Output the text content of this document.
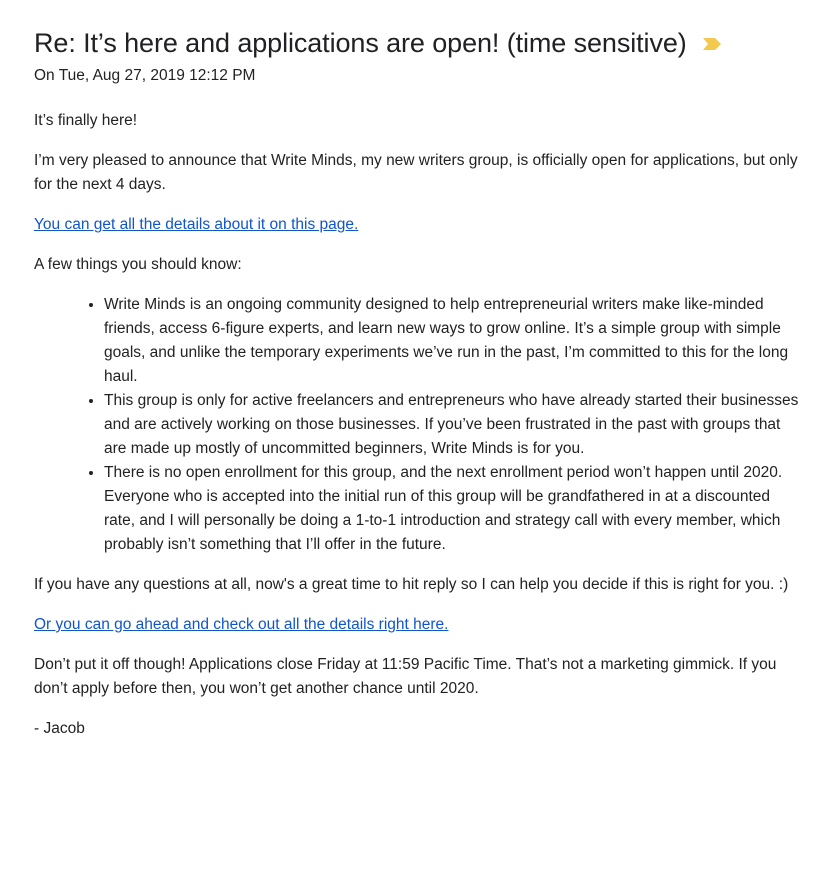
Re: It’s here and applications are open! (time sensitive)
On Tue, Aug 27, 2019 12:12 PM

It’s finally here!

I’m very pleased to announce that Write Minds, my new writers group, is officially open for applications, but only for the next 4 days.

You can get all the details about it on this page.

A few things you should know:

• Write Minds is an ongoing community designed to help entrepreneurial writers make like-minded friends, access 6-figure experts, and learn new ways to grow online. It’s a simple group with simple goals, and unlike the temporary experiments we’ve run in the past, I’m committed to this for the long haul.
• This group is only for active freelancers and entrepreneurs who have already started their businesses and are actively working on those businesses. If you’ve been frustrated in the past with groups that are made up mostly of uncommitted beginners, Write Minds is for you.
• There is no open enrollment for this group, and the next enrollment period won’t happen until 2020. Everyone who is accepted into the initial run of this group will be grandfathered in at a discounted rate, and I will personally be doing a 1-to-1 introduction and strategy call with every member, which probably isn’t something that I’ll offer in the future.

If you have any questions at all, now's a great time to hit reply so I can help you decide if this is right for you. :)

Or you can go ahead and check out all the details right here.

Don’t put it off though! Applications close Friday at 11:59 Pacific Time. That’s not a marketing gimmick. If you don’t apply before then, you won’t get another chance until 2020.

- Jacob
